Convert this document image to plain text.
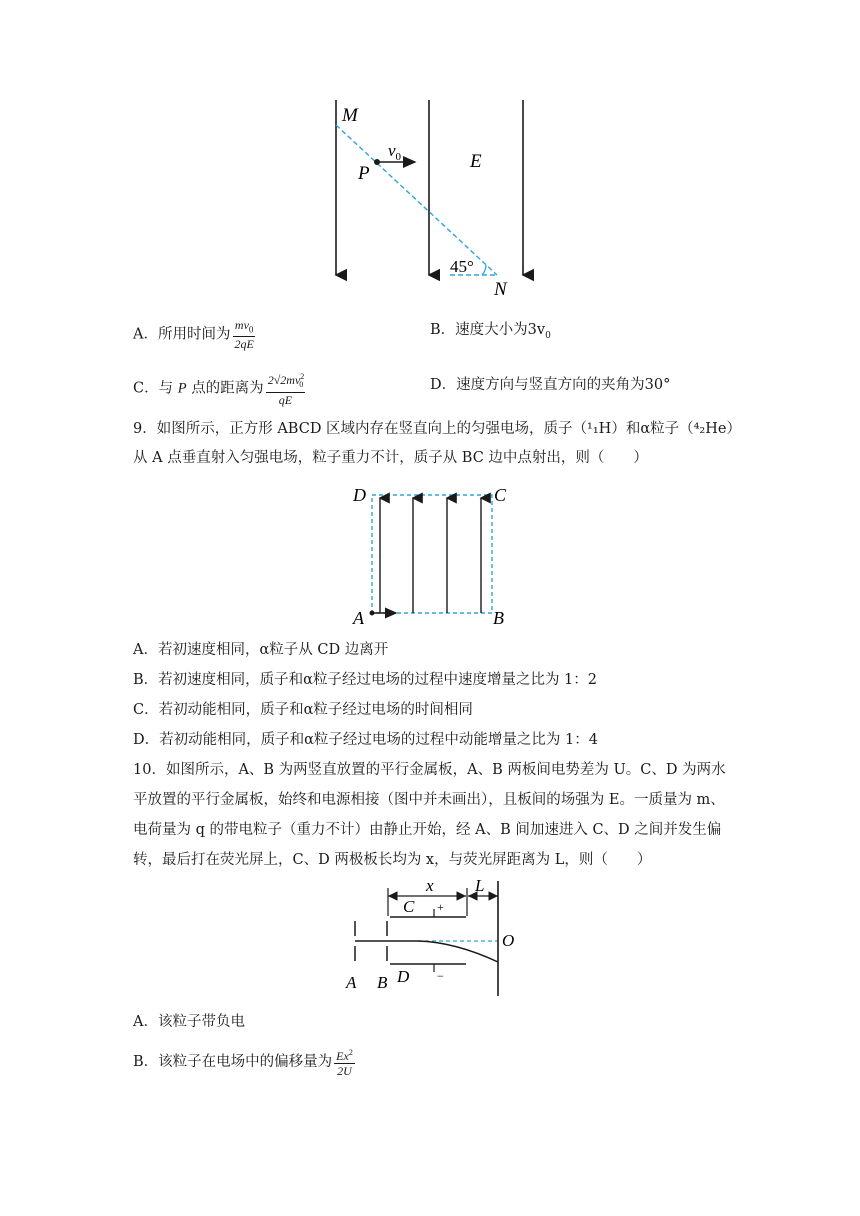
M
P
$v_0$	E
45°
N
A．所用时间为 $\frac{mv_0}{2qE}$	B．速度大小为$3v_0$
C．与 P 点的距离为 $\frac{2√2mv^2_0}{qE}$	D．速度方向与竖直方向的夹角为30°
9．如图所示，正方形 ABCD 区域内存在竖直向上的匀强电场，质子（¹₁H）和α粒子（⁴₂He）
从 A 点垂直射入匀强电场，粒子重力不计，质子从 BC 边中点射出，则（　　）
D	C
A	B
A．若初速度相同，α粒子从 CD 边离开
B．若初速度相同，质子和α粒子经过电场的过程中速度增量之比为 1：2
C．若初动能相同，质子和α粒子经过电场的时间相同
D．若初动能相同，质子和α粒子经过电场的过程中动能增量之比为 1：4
10．如图所示，A、B 为两竖直放置的平行金属板，A、B 两板间电势差为 U。C、D 为两水
平放置的平行金属板，始终和电源相接（图中并未画出），且板间的场强为 E。一质量为 m、
电荷量为 q 的带电粒子（重力不计）由静止开始，经 A、B 间加速进入 C、D 之间并发生偏
转，最后打在荧光屏上，C、D 两极板长均为 x，与荧光屏距离为 L，则（　　）
x L
C +
O
A B D −
A．该粒子带负电
B．该粒子在电场中的偏移量为 $\frac{Ex^2}{2U}$
